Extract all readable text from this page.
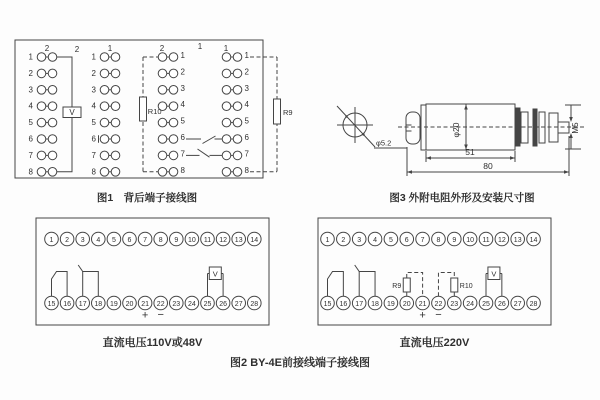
2
1
2
3
4
5
6
7
8
1
1
2
3
4
5
6
7
8
2
1
2
3
4
5
6
7
8
1
1
2
3
4
5
6
7
8
2
V	R10	R9
1
图1　背后端子接线图
φ5.2
φ20	M5
51
80
图3 外附电阻外形及安装尺寸图
1
15
2
16
3
17
4
18
5
19
6
20
7
21
8
22
9
23
10
24
11
25
12
26
13
27
14
28
V
+ −
1
15
2
16
3
17
4
18
5
19
6
20
7
21
8
22
9
23
10
24
11
25
12
26
13
27
14
28
V
+ −
R9	R10
直流电压110V或48V	直流电压220V
图2 BY-4E前接线端子接线图
